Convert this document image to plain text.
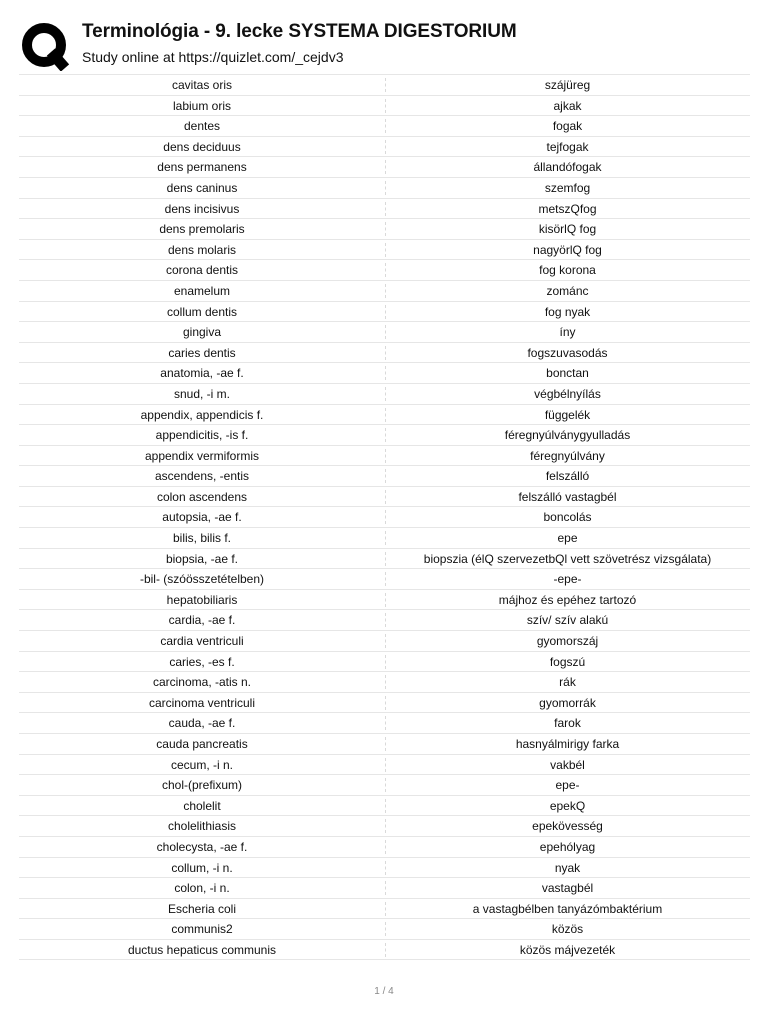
Terminológia - 9. lecke SYSTEMA DIGESTORIUM
Study online at https://quizlet.com/_cejdv3
cavitas oris	szájüreg
labium oris	ajkak
dentes	fogak
dens deciduus	tejfogak
dens permanens	állandófogak
dens caninus	szemfog
dens incisivus	metszQfog
dens premolaris	kisörlQ fog
dens molaris	nagyörlQ fog
corona dentis	fog korona
enamelum	zománc
collum dentis	fog nyak
gingiva	íny
caries dentis	fogszuvasodás
anatomia, -ae f.	bonctan
snud, -i m.	végbélnyílás
appendix, appendicis f.	függelék
appendicitis, -is f.	féregnyúlványgyulladás
appendix vermiformis	féregnyúlvány
ascendens, -entis	felszálló
colon ascendens	felszálló vastagbél
autopsia, -ae f.	boncolás
bilis, bilis f.	epe
biopsia, -ae f.	biopszia (élQ szervezetbQl vett szövetrész vizsgálata)
-bil- (szóösszetételben)	-epe-
hepatobiliaris	májhoz és epéhez tartozó
cardia, -ae f.	szív/ szív alakú
cardia ventriculi	gyomorszáj
caries, -es f.	fogszú
carcinoma, -atis n.	rák
carcinoma ventriculi	gyomorrák
cauda, -ae f.	farok
cauda pancreatis	hasnyálmirigy farka
cecum, -i n.	vakbél
chol-(prefixum)	epe-
cholelit	epekQ
cholelithiasis	epekövesség
cholecysta, -ae f.	epehólyag
collum, -i n.	nyak
colon, -i n.	vastagbél
Escheria coli	a vastagbélben tanyázómbaktérium
communis2	közös
ductus hepaticus communis	közös májvezeték
1 / 4
